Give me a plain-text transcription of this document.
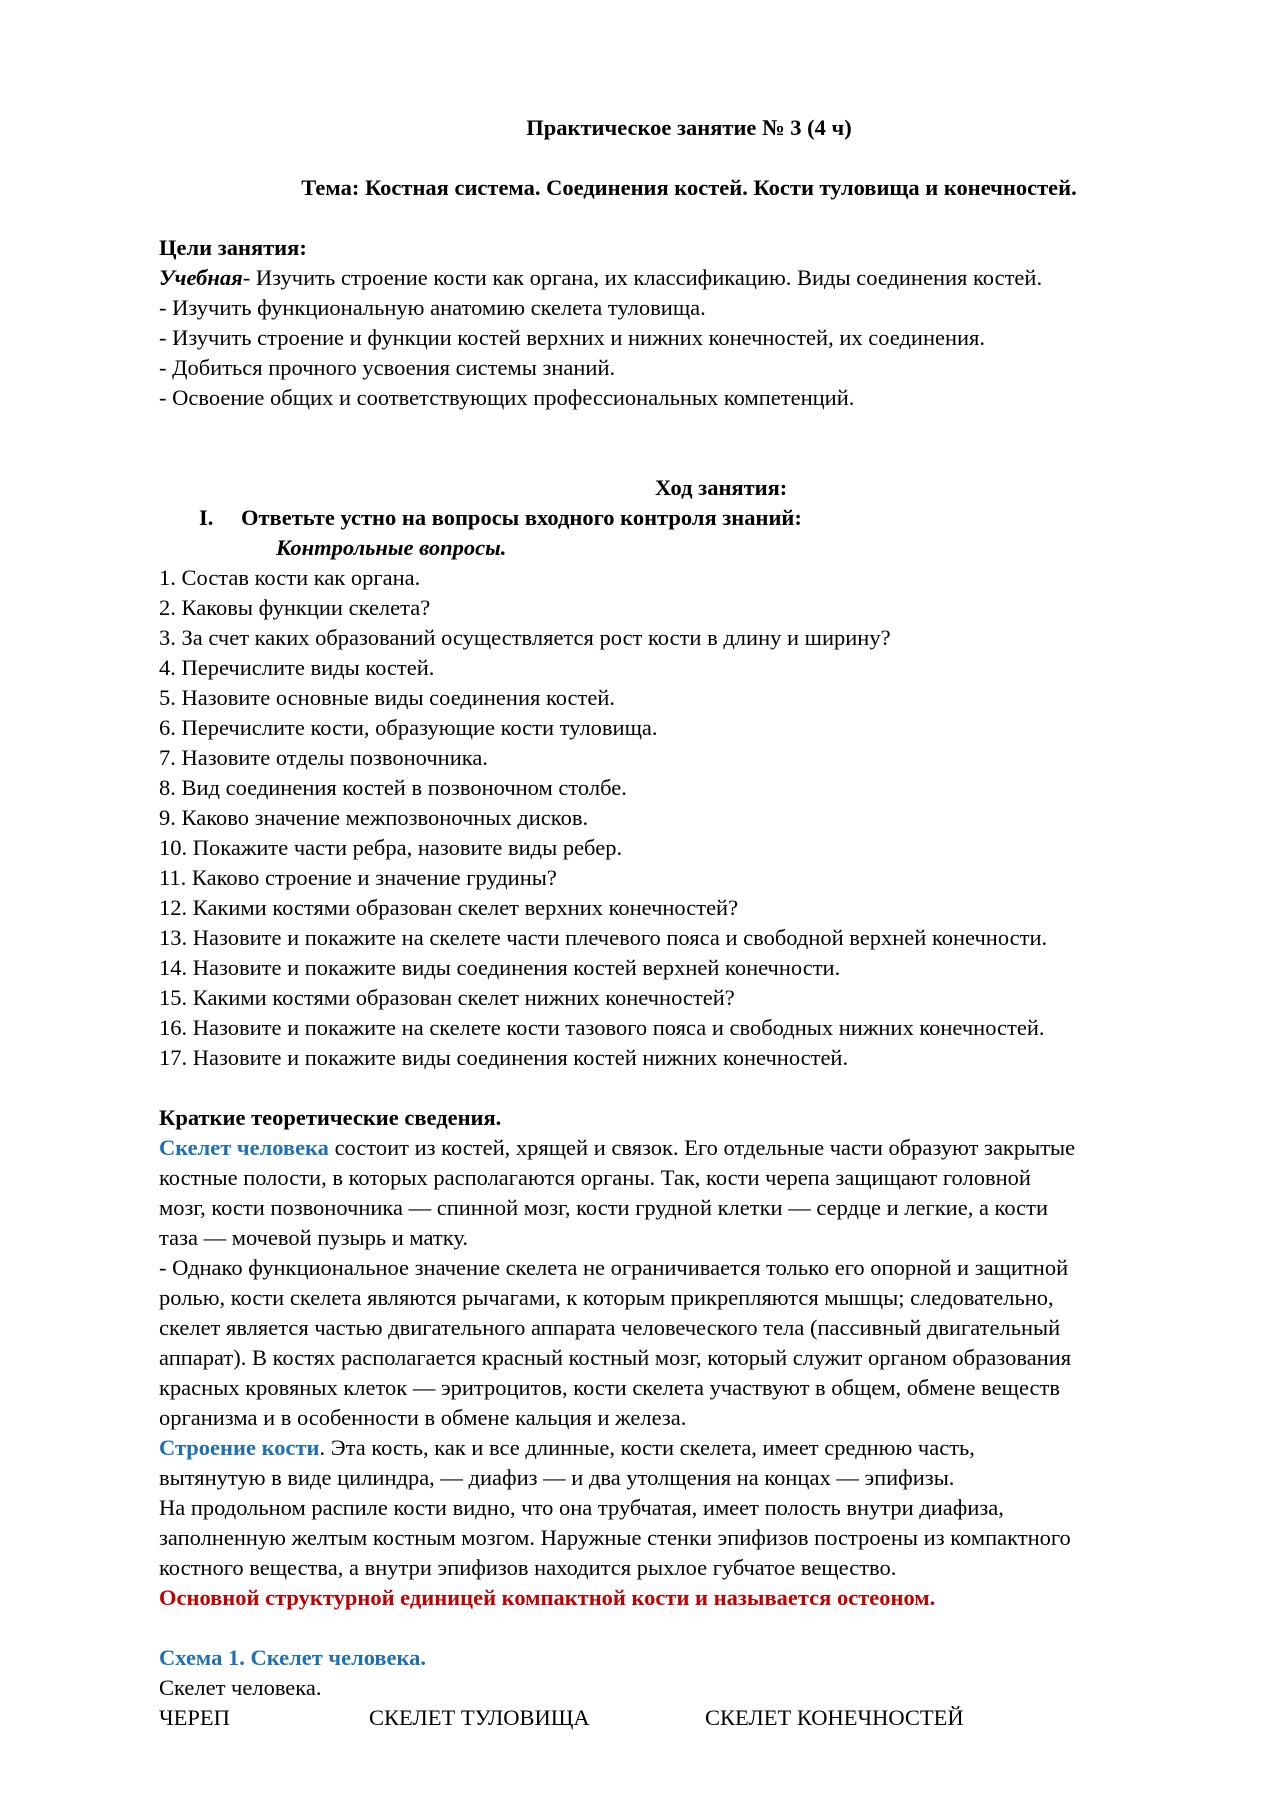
Практическое занятие № 3 (4 ч)
Тема: Костная система. Соединения костей. Кости туловища и конечностей.
Цели занятия:
Учебная- Изучить строение кости как органа, их классификацию. Виды соединения костей.
- Изучить функциональную анатомию скелета туловища.
- Изучить строение и функции костей верхних и нижних конечностей, их соединения.
- Добиться прочного усвоения системы знаний.
- Освоение общих и соответствующих профессиональных компетенций.
Ход занятия:
I. Ответьте устно на вопросы входного контроля знаний:
Контрольные вопросы.
1. Состав кости как органа.
2. Каковы функции скелета?
3. За счет каких образований осуществляется рост кости в длину и ширину?
4. Перечислите виды костей.
5. Назовите основные виды соединения костей.
6. Перечислите кости, образующие кости туловища.
7. Назовите отделы позвоночника.
8. Вид соединения костей в позвоночном столбе.
9. Каково значение межпозвоночных дисков.
10. Покажите части ребра, назовите виды ребер.
11. Каково строение и значение грудины?
12. Какими костями образован скелет верхних конечностей?
13. Назовите и покажите на скелете части плечевого пояса и свободной верхней конечности.
14. Назовите и покажите виды соединения костей верхней конечности.
15. Какими костями образован скелет нижних конечностей?
16. Назовите и покажите на скелете кости тазового пояса и свободных нижних конечностей.
17. Назовите и покажите виды соединения костей нижних конечностей.
Краткие теоретические сведения.
Скелет человека состоит из костей, хрящей и связок. Его отдельные части образуют закрытые
костные полости, в которых располагаются органы. Так, кости черепа защищают головной
мозг, кости позвоночника — спинной мозг, кости грудной клетки — сердце и легкие, а кости
таза — мочевой пузырь и матку.
- Однако функциональное значение скелета не ограничивается только его опорной и защитной
ролью, кости скелета являются рычагами, к которым прикрепляются мышцы; следовательно,
скелет является частью двигательного аппарата человеческого тела (пассивный двигательный
аппарат). В костях располагается красный костный мозг, который служит органом образования
красных кровяных клеток — эритроцитов, кости скелета участвуют в общем, обмене веществ
организма и в особенности в обмене кальция и железа.
Строение кости. Эта кость, как и все длинные, кости скелета, имеет среднюю часть,
вытянутую в виде цилиндра, — диафиз — и два утолщения на концах — эпифизы.
На продольном распиле кости видно, что она трубчатая, имеет полость внутри диафиза,
заполненную желтым костным мозгом. Наружные стенки эпифизов построены из компактного
костного вещества, а внутри эпифизов находится рыхлое губчатое вещество.
Основной структурной единицей компактной кости и называется остеоном.
Схема 1. Скелет человека.
Скелет человека.
ЧЕРЕП	СКЕЛЕТ ТУЛОВИЩА	СКЕЛЕТ КОНЕЧНОСТЕЙ
